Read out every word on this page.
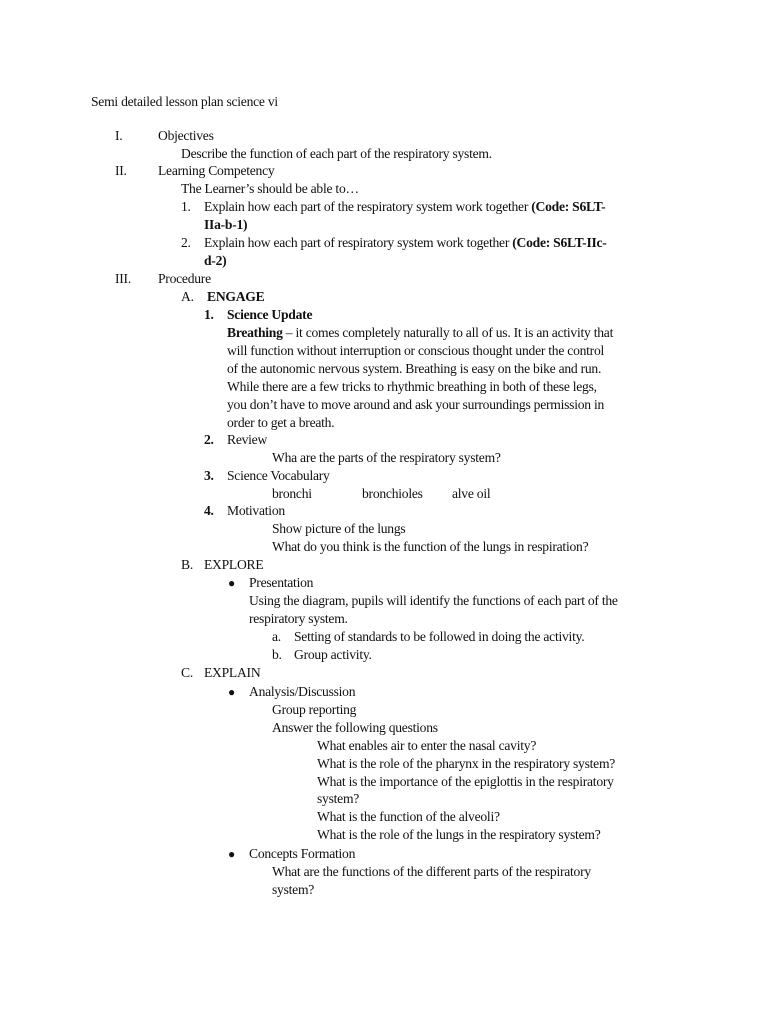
Semi detailed lesson plan science vi
I.	Objectives
Describe the function of each part of the respiratory system.
II. Learning Competency
The Learner’s should be able to…
1. Explain how each part of the respiratory system work together (Code: S6LT-
IIa-b-1)
2. Explain how each part of respiratory system work together (Code: S6LT-IIc-
d-2)
III. Procedure
A. ENGAGE
1. Science Update
Breathing – it comes completely naturally to all of us. It is an activity that
will function without interruption or conscious thought under the control
of the autonomic nervous system. Breathing is easy on the bike and run.
While there are a few tricks to rhythmic breathing in both of these legs,
you don’t have to move around and ask your surroundings permission in
order to get a breath.
2. Review
Wha are the parts of the respiratory system?
3. Science Vocabulary
bronchi	bronchioles alve oil
4. Motivation
Show picture of the lungs
What do you think is the function of the lungs in respiration?
B. EXPLORE
● Presentation
Using the diagram, pupils will identify the functions of each part of the
respiratory system.
a. Setting of standards to be followed in doing the activity.
b. Group activity.
C. EXPLAIN
● Analysis/Discussion
Group reporting
Answer the following questions
What enables air to enter the nasal cavity?
What is the role of the pharynx in the respiratory system?
What is the importance of the epiglottis in the respiratory
system?
What is the function of the alveoli?
What is the role of the lungs in the respiratory system?
● Concepts Formation
What are the functions of the different parts of the respiratory
system?
